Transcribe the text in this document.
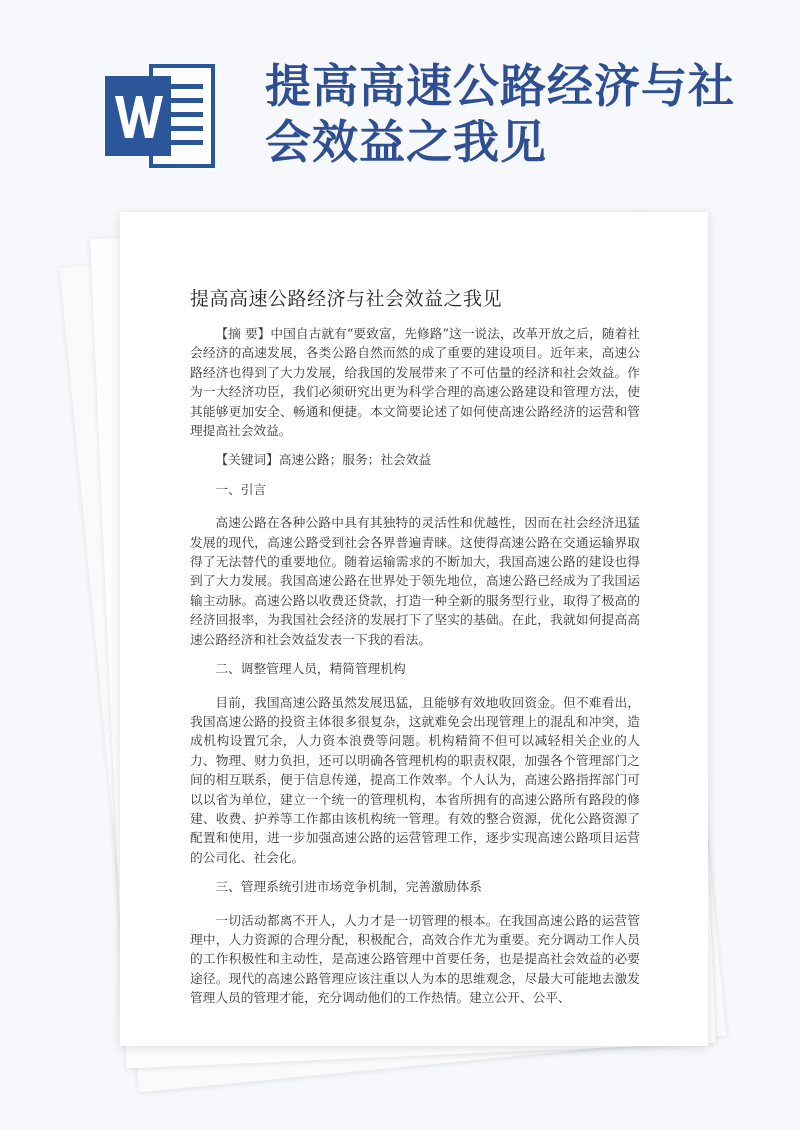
提高高速公路经济与社会效益之我见
提高高速公路经济与社会效益之我见

【摘 要】中国自古就有“要致富，先修路”这一说法，改革开放之后，随着社会经济的高速发展，各类公路自然而然的成了重要的建设项目。近年来，高速公路经济也得到了大力发展，给我国的发展带来了不可估量的经济和社会效益。作为一大经济功臣，我们必须研究出更为科学合理的高速公路建设和管理方法，使其能够更加安全、畅通和便捷。本文简要论述了如何使高速公路经济的运营和管理提高社会效益。

【关键词】高速公路；服务；社会效益

一、引言

高速公路在各种公路中具有其独特的灵活性和优越性，因而在社会经济迅猛发展的现代，高速公路受到社会各界普遍青睐。这使得高速公路在交通运输界取得了无法替代的重要地位。随着运输需求的不断加大，我国高速公路的建设也得到了大力发展。我国高速公路在世界处于领先地位，高速公路已经成为了我国运输主动脉。高速公路以收费还贷款，打造一种全新的服务型行业，取得了极高的经济回报率，为我国社会经济的发展打下了坚实的基础。在此，我就如何提高高速公路经济和社会效益发表一下我的看法。

二、调整管理人员，精简管理机构

目前，我国高速公路虽然发展迅猛，且能够有效地收回资金。但不难看出，我国高速公路的投资主体很多很复杂，这就难免会出现管理上的混乱和冲突，造成机构设置冗余，人力资本浪费等问题。机构精简不但可以减轻相关企业的人力、物理、财力负担，还可以明确各管理机构的职责权限，加强各个管理部门之间的相互联系，便于信息传递，提高工作效率。个人认为，高速公路指挥部门可以以省为单位，建立一个统一的管理机构，本省所拥有的高速公路所有路段的修建、收费、护养等工作都由该机构统一管理。有效的整合资源，优化公路资源了配置和使用，进一步加强高速公路的运营管理工作，逐步实现高速公路项目运营的公司化、社会化。

三、管理系统引进市场竞争机制，完善激励体系

一切活动都离不开人，人力才是一切管理的根本。在我国高速公路的运营管理中，人力资源的合理分配，积极配合，高效合作尤为重要。充分调动工作人员的工作积极性和主动性，是高速公路管理中首要任务，也是提高社会效益的必要途径。现代的高速公路管理应该注重以人为本的思维观念，尽最大可能地去激发管理人员的管理才能，充分调动他们的工作热情。建立公开、公平、
